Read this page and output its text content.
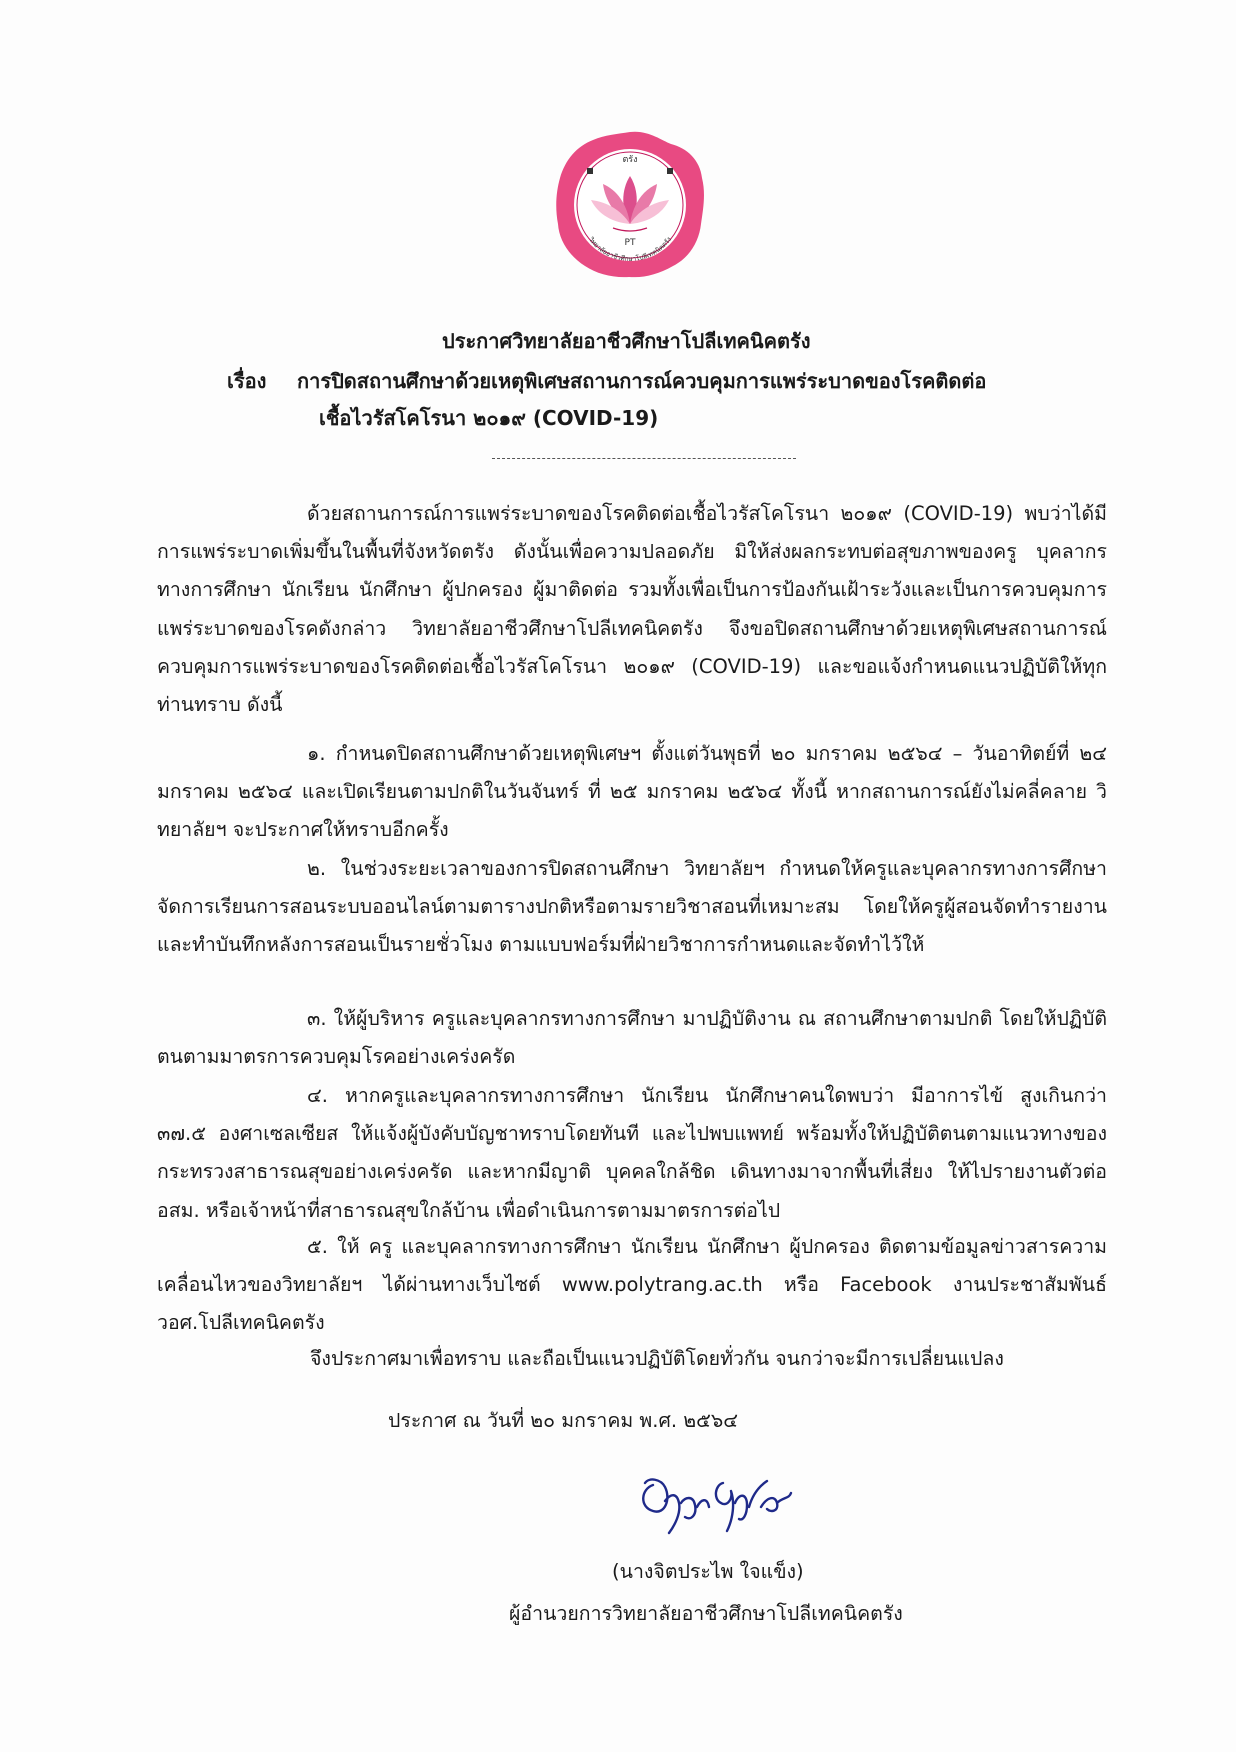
ตรัง
PT
วิทยาลัยอาชีวศึกษาโปลีเทคนิคตรัง
ประกาศวิทยาลัยอาชีวศึกษาโปลีเทคนิคตรัง
เรื่อง การปิดสถานศึกษาด้วยเหตุพิเศษสถานการณ์ควบคุมการแพร่ระบาดของโรคติดต่อ
เชื้อไวรัสโคโรนา ๒๐๑๙ (COVID-19)
ด้วยสถานการณ์การแพร่ระบาดของโรคติดต่อเชื้อไวรัสโคโรนา ๒๐๑๙ (COVID-19) พบว่าได้มีการแพร่ระบาดเพิ่มขึ้นในพื้นที่จังหวัดตรัง ดังนั้นเพื่อความปลอดภัย มิให้ส่งผลกระทบต่อสุขภาพของครู บุคลากรทางการศึกษา นักเรียน นักศึกษา ผู้ปกครอง ผู้มาติดต่อ รวมทั้งเพื่อเป็นการป้องกันเฝ้าระวังและเป็นการควบคุมการแพร่ระบาดของโรคดังกล่าว วิทยาลัยอาชีวศึกษาโปลีเทคนิคตรัง จึงขอปิดสถานศึกษาด้วยเหตุพิเศษสถานการณ์ควบคุมการแพร่ระบาดของโรคติดต่อเชื้อไวรัสโคโรนา ๒๐๑๙ (COVID-19) และขอแจ้งกำหนดแนวปฏิบัติให้ทุกท่านทราบ ดังนี้
๑. กำหนดปิดสถานศึกษาด้วยเหตุพิเศษฯ ตั้งแต่วันพุธที่ ๒๐ มกราคม ๒๕๖๔ – วันอาทิตย์ที่ ๒๔ มกราคม ๒๕๖๔ และเปิดเรียนตามปกติในวันจันทร์ ที่ ๒๕ มกราคม ๒๕๖๔ ทั้งนี้ หากสถานการณ์ยังไม่คลี่คลาย วิทยาลัยฯ จะประกาศให้ทราบอีกครั้ง
๒. ในช่วงระยะเวลาของการปิดสถานศึกษา วิทยาลัยฯ กำหนดให้ครูและบุคลากรทางการศึกษา จัดการเรียนการสอนระบบออนไลน์ตามตารางปกติหรือตามรายวิชาสอนที่เหมาะสม โดยให้ครูผู้สอนจัดทำรายงาน และทำบันทึกหลังการสอนเป็นรายชั่วโมง ตามแบบฟอร์มที่ฝ่ายวิชาการกำหนดและจัดทำไว้ให้
๓. ให้ผู้บริหาร ครูและบุคลากรทางการศึกษา มาปฏิบัติงาน ณ สถานศึกษาตามปกติ โดยให้ปฏิบัติตนตามมาตรการควบคุมโรคอย่างเคร่งครัด
๔. หากครูและบุคลากรทางการศึกษา นักเรียน นักศึกษาคนใดพบว่า มีอาการไข้ สูงเกินกว่า ๓๗.๕ องศาเซลเซียส ให้แจ้งผู้บังคับบัญชาทราบโดยทันที และไปพบแพทย์ พร้อมทั้งให้ปฏิบัติตนตามแนวทางของกระทรวงสาธารณสุขอย่างเคร่งครัด และหากมีญาติ บุคคลใกล้ชิด เดินทางมาจากพื้นที่เสี่ยง ให้ไปรายงานตัวต่อ อสม. หรือเจ้าหน้าที่สาธารณสุขใกล้บ้าน เพื่อดำเนินการตามมาตรการต่อไป
๕. ให้ ครู และบุคลากรทางการศึกษา นักเรียน นักศึกษา ผู้ปกครอง ติดตามข้อมูลข่าวสารความเคลื่อนไหวของวิทยาลัยฯ ได้ผ่านทางเว็บไซต์ www.polytrang.ac.th หรือ Facebook งานประชาสัมพันธ์ วอศ.โปลีเทคนิคตรัง
จึงประกาศมาเพื่อทราบ และถือเป็นแนวปฏิบัติโดยทั่วกัน จนกว่าจะมีการเปลี่ยนแปลง
ประกาศ ณ วันที่ ๒๐ มกราคม พ.ศ. ๒๕๖๔
(นางจิตประไพ ใจแข็ง)
ผู้อำนวยการวิทยาลัยอาชีวศึกษาโปลีเทคนิคตรัง
